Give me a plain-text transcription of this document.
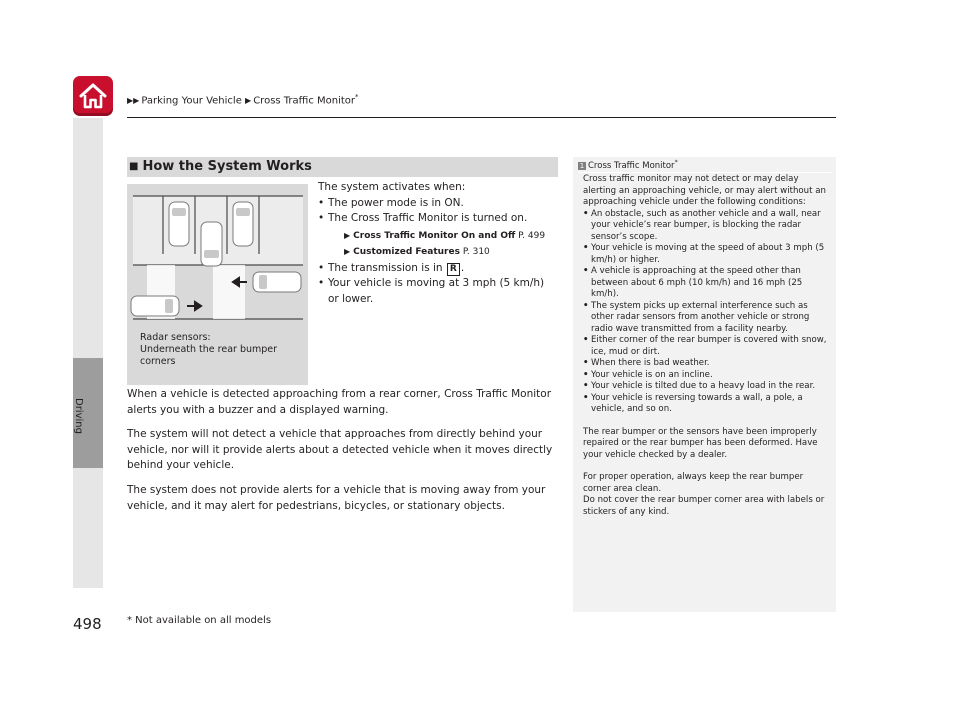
▶▶ Parking Your Vehicle ▶ Cross Traffic Monitor*
Driving
■ How the System Works
Radar sensors:
Underneath the rear bumper
corners
The system activates when:
• The power mode is in ON.
• The Cross Traffic Monitor is turned on.
▶ Cross Traffic Monitor On and Off P. 499
▶ Customized Features P. 310
• The transmission is in R .
• Your vehicle is moving at 3 mph (5 km/h) or lower.

When a vehicle is detected approaching from a rear corner, Cross Traffic Monitor alerts you with a buzzer and a displayed warning.

The system will not detect a vehicle that approaches from directly behind your vehicle, nor will it provide alerts about a detected vehicle when it moves directly behind your vehicle.

The system does not provide alerts for a vehicle that is moving away from your vehicle, and it may alert for pedestrians, bicycles, or stationary objects.

1 Cross Traffic Monitor*

Cross traffic monitor may not detect or may delay alerting an approaching vehicle, or may alert without an approaching vehicle under the following conditions:

• An obstacle, such as another vehicle and a wall, near your vehicle’s rear bumper, is blocking the radar sensor’s scope.
• Your vehicle is moving at the speed of about 3 mph (5 km/h) or higher.
• A vehicle is approaching at the speed other than between about 6 mph (10 km/h) and 16 mph (25 km/h).
• The system picks up external interference such as other radar sensors from another vehicle or strong radio wave transmitted from a facility nearby.
• Either corner of the rear bumper is covered with snow, ice, mud or dirt.
• When there is bad weather.
• Your vehicle is on an incline.
• Your vehicle is tilted due to a heavy load in the rear.
• Your vehicle is reversing towards a wall, a pole, a vehicle, and so on.

The rear bumper or the sensors have been improperly repaired or the rear bumper has been deformed. Have your vehicle checked by a dealer.

For proper operation, always keep the rear bumper corner area clean.

Do not cover the rear bumper corner area with labels or stickers of any kind.

498	* Not available on all models
